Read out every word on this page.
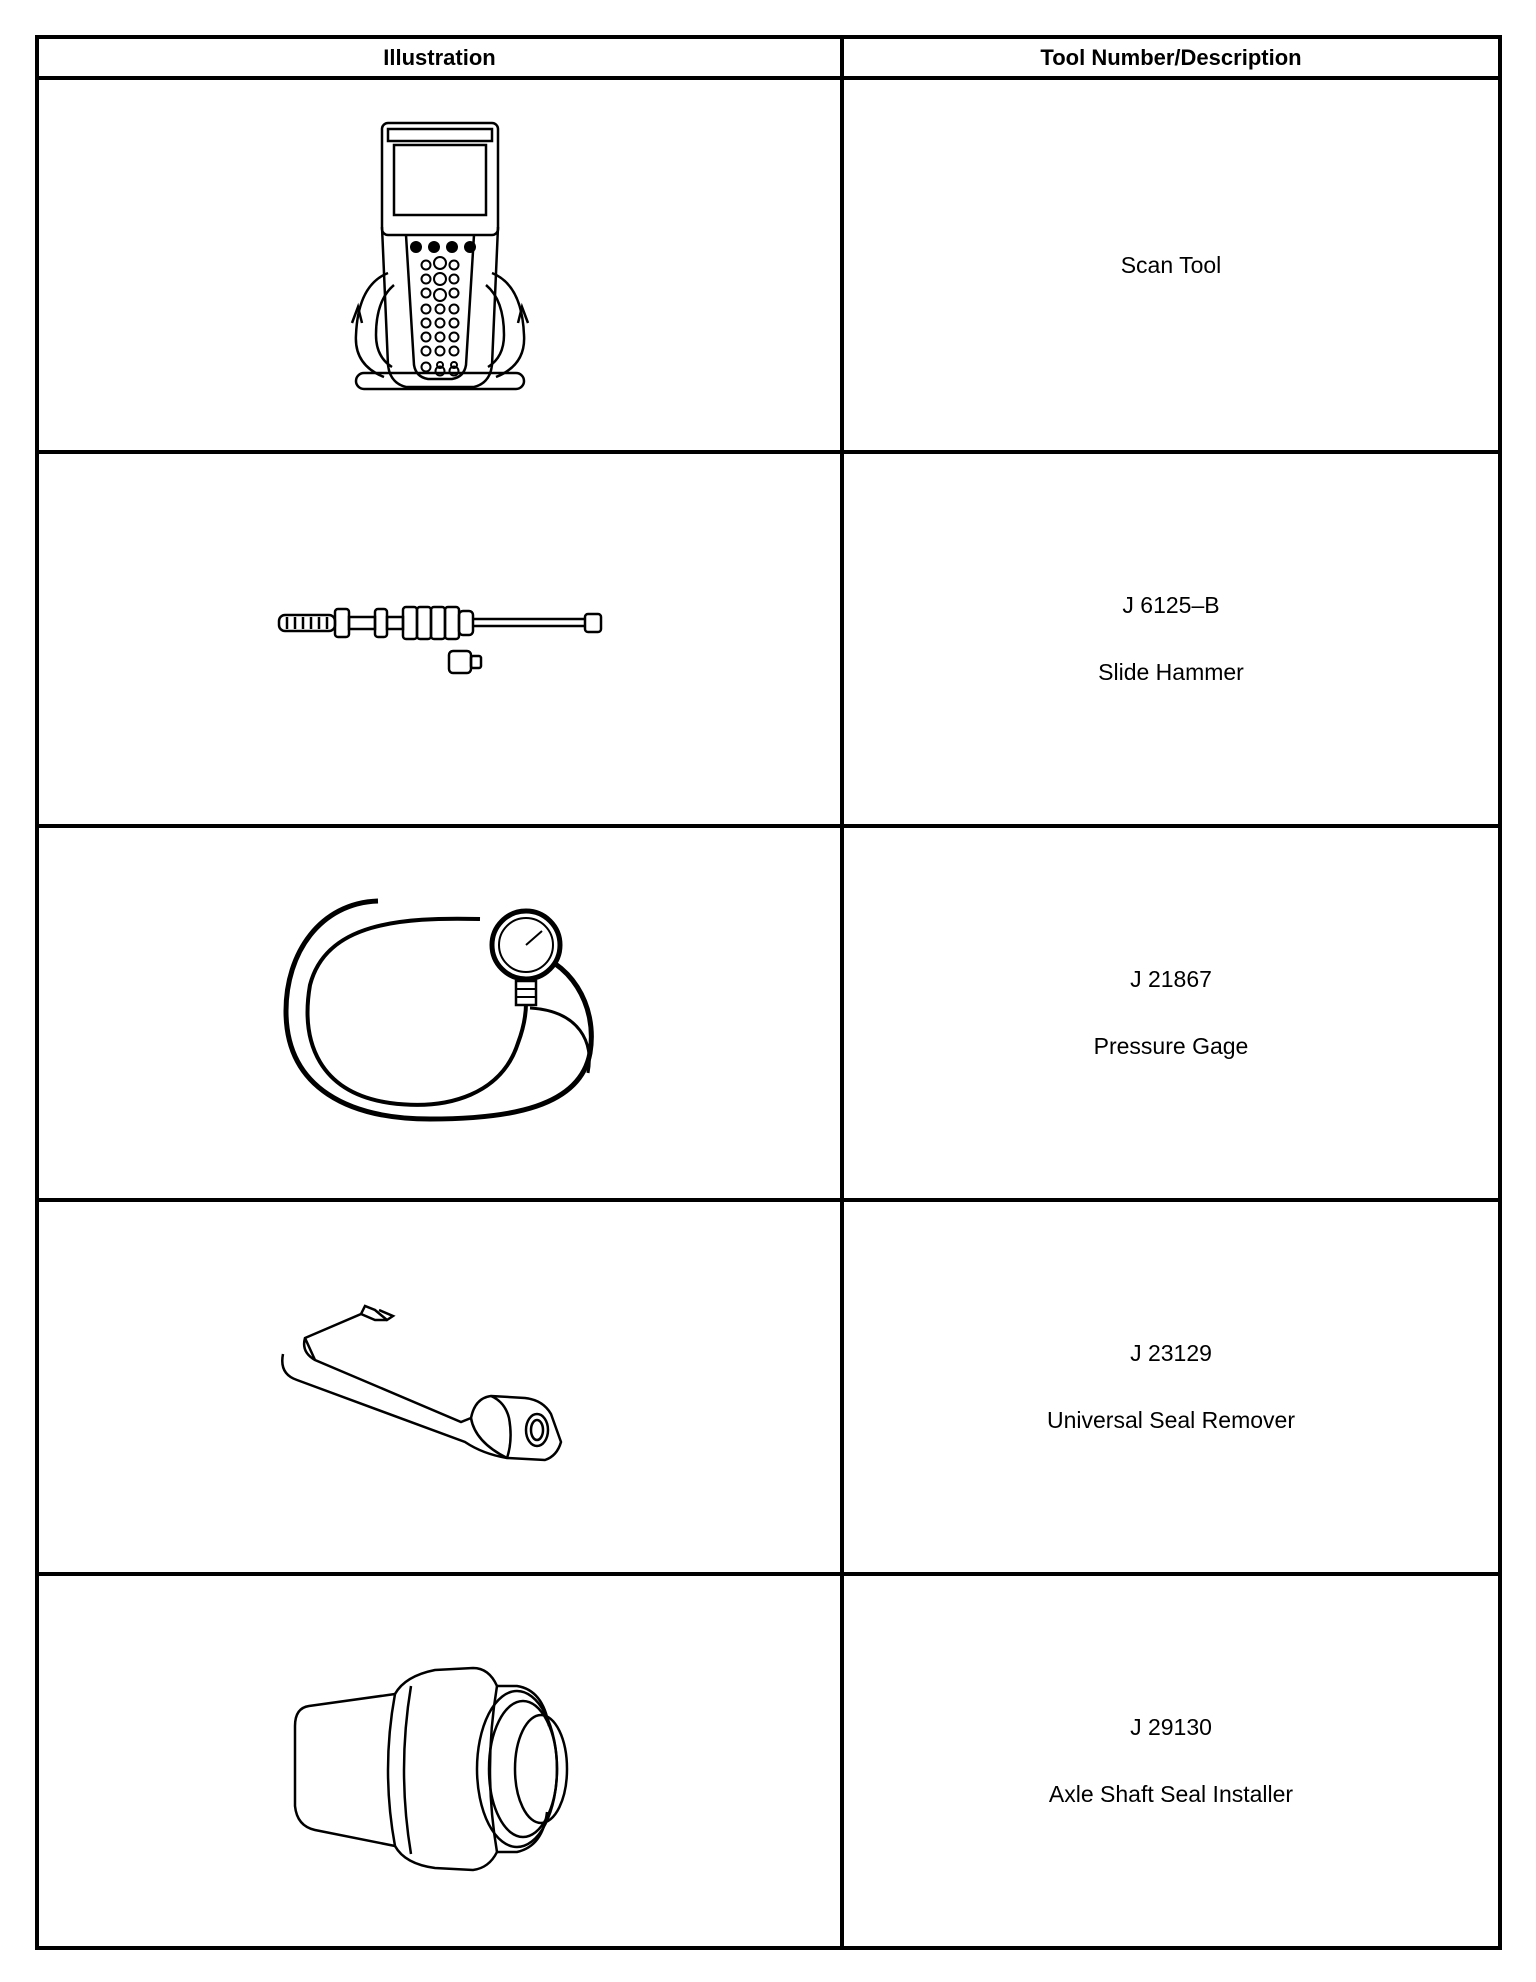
Illustration	Tool Number/Description

Scan Tool

J 6125–B
Slide Hammer

J 21867
Pressure Gage

J 23129
Universal Seal Remover

J 29130
Axle Shaft Seal Installer
